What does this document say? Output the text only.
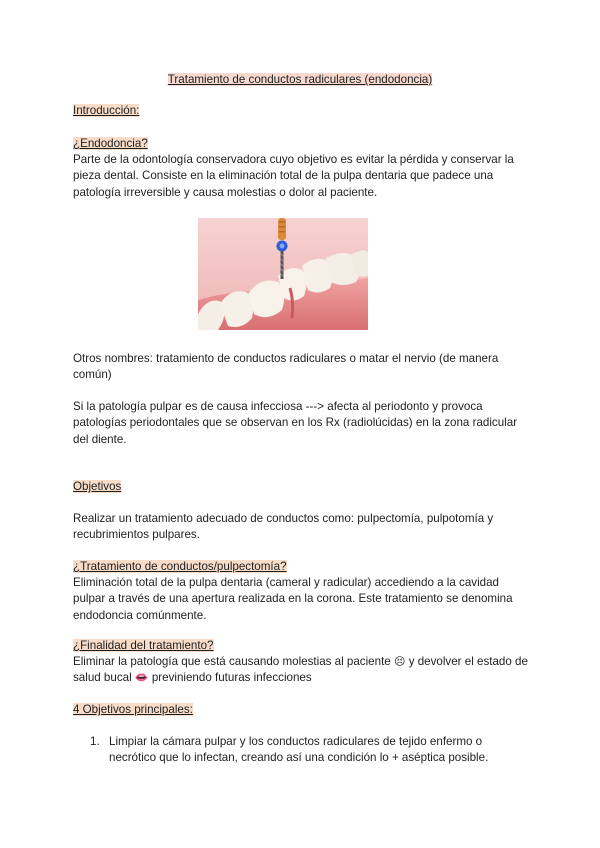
Tratamiento de conductos radiculares (endodoncia)
Introducción:
¿Endodoncia?
Parte de la odontología conservadora cuyo objetivo es evitar la pérdida y conservar la pieza dental. Consiste en la eliminación total de la pulpa dentaria que padece una patología irreversible y causa molestias o dolor al paciente.
Otros nombres: tratamiento de conductos radiculares o matar el nervio (de manera común)
Si la patología pulpar es de causa infecciosa ---> afecta al periodonto y provoca patologías periodontales que se observan en los Rx (radiolúcidas) en la zona radicular del diente.
Objetivos
Realizar un tratamiento adecuado de conductos como: pulpectomía, pulpotomía y recubrimientos pulpares.
¿Tratamiento de conductos/pulpectomía?
Eliminación total de la pulpa dentaria (cameral y radicular) accediendo a la cavidad pulpar a través de una apertura realizada en la corona. Este tratamiento se denomina endodoncia comúnmente.
¿Finalidad del tratamiento?
Eliminar la patología que está causando molestias al paciente 😣 y devolver el estado de salud bucal 👄 previniendo futuras infecciones
4 Objetivos principales:
1. Limpiar la cámara pulpar y los conductos radiculares de tejido enfermo o necrótico que lo infectan, creando así una condición lo + aséptica posible.
